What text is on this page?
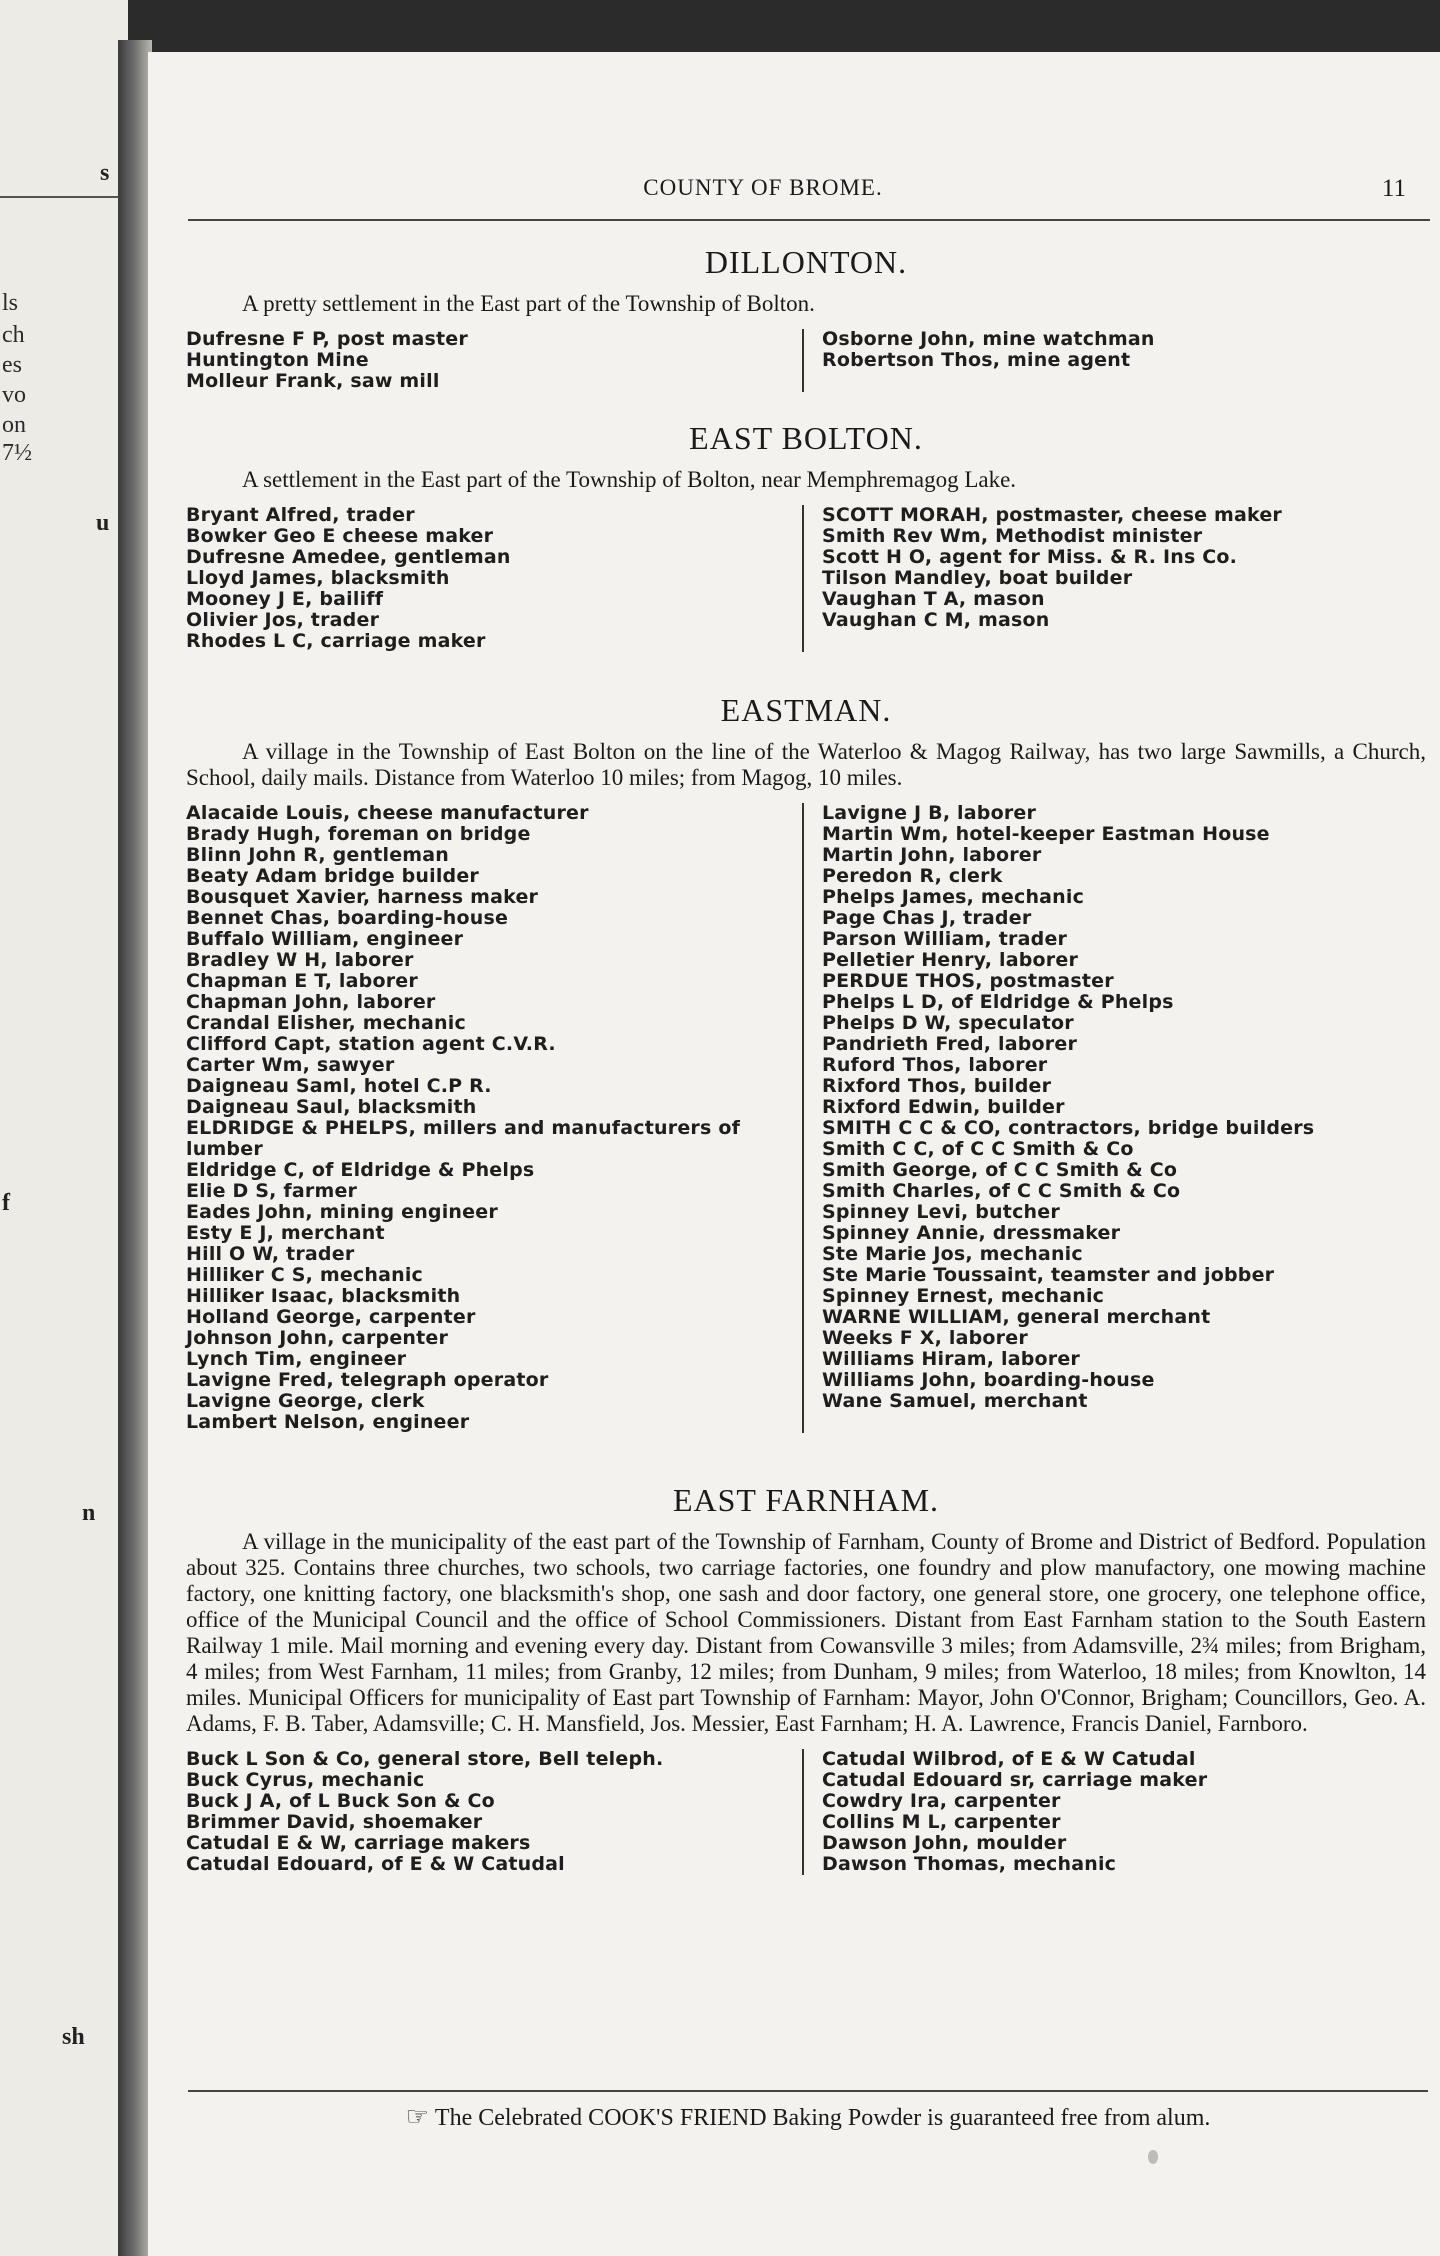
ls
ch
es
vo
on
7½
s
u
f
n
sh
COUNTY OF BROME.	11
DILLONTON.

A pretty settlement in the East part of the Township of Bolton.

Dufresne F P, post master
Huntington Mine
Molleur Frank, saw mill
Osborne John, mine watchman
Robertson Thos, mine agent
EAST BOLTON.

A settlement in the East part of the Township of Bolton, near Memphremagog Lake.

Bryant Alfred, trader
Bowker Geo E cheese maker
Dufresne Amedee, gentleman
Lloyd James, blacksmith
Mooney J E, bailiff
Olivier Jos, trader
Rhodes L C, carriage maker
SCOTT MORAH, postmaster, cheese maker
Smith Rev Wm, Methodist minister
Scott H O, agent for Miss. & R. Ins Co.
Tilson Mandley, boat builder
Vaughan T A, mason
Vaughan C M, mason
EASTMAN.

A village in the Township of East Bolton on the line of the Waterloo & Magog Railway, has two large Sawmills, a Church, School, daily mails. Distance from Waterloo 10 miles; from Magog, 10 miles.

Alacaide Louis, cheese manufacturer
Brady Hugh, foreman on bridge
Blinn John R, gentleman
Beaty Adam bridge builder
Bousquet Xavier, harness maker
Bennet Chas, boarding-house
Buffalo William, engineer
Bradley W H, laborer
Chapman E T, laborer
Chapman John, laborer
Crandal Elisher, mechanic
Clifford Capt, station agent C.V.R.
Carter Wm, sawyer
Daigneau Saml, hotel C.P R.
Daigneau Saul, blacksmith
ELDRIDGE & PHELPS, millers and manufacturers of lumber
Eldridge C, of Eldridge & Phelps
Elie D S, farmer
Eades John, mining engineer
Esty E J, merchant
Hill O W, trader
Hilliker C S, mechanic
Hilliker Isaac, blacksmith
Holland George, carpenter
Johnson John, carpenter
Lynch Tim, engineer
Lavigne Fred, telegraph operator
Lavigne George, clerk
Lambert Nelson, engineer
Lavigne J B, laborer
Martin Wm, hotel-keeper Eastman House
Martin John, laborer
Peredon R, clerk
Phelps James, mechanic
Page Chas J, trader
Parson William, trader
Pelletier Henry, laborer
PERDUE THOS, postmaster
Phelps L D, of Eldridge & Phelps
Phelps D W, speculator
Pandrieth Fred, laborer
Ruford Thos, laborer
Rixford Thos, builder
Rixford Edwin, builder
SMITH C C & CO, contractors, bridge builders
Smith C C, of C C Smith & Co
Smith George, of C C Smith & Co
Smith Charles, of C C Smith & Co
Spinney Levi, butcher
Spinney Annie, dressmaker
Ste Marie Jos, mechanic
Ste Marie Toussaint, teamster and jobber
Spinney Ernest, mechanic
WARNE WILLIAM, general merchant
Weeks F X, laborer
Williams Hiram, laborer
Williams John, boarding-house
Wane Samuel, merchant
EAST FARNHAM.

A village in the municipality of the east part of the Township of Farnham, County of Brome and District of Bedford. Population about 325. Contains three churches, two schools, two carriage factories, one foundry and plow manufactory, one mowing machine factory, one knitting factory, one blacksmith's shop, one sash and door factory, one general store, one grocery, one telephone office, office of the Municipal Council and the office of School Commissioners. Distant from East Farnham station to the South Eastern Railway 1 mile. Mail morning and evening every day. Distant from Cowansville 3 miles; from Adamsville, 2¾ miles; from Brigham, 4 miles; from West Farnham, 11 miles; from Granby, 12 miles; from Dunham, 9 miles; from Waterloo, 18 miles; from Knowlton, 14 miles. Municipal Officers for municipality of East part Township of Farnham: Mayor, John O'Connor, Brigham; Councillors, Geo. A. Adams, F. B. Taber, Adamsville; C. H. Mansfield, Jos. Messier, East Farnham; H. A. Lawrence, Francis Daniel, Farnboro.

Buck L Son & Co, general store, Bell teleph.
Buck Cyrus, mechanic
Buck J A, of L Buck Son & Co
Brimmer David, shoemaker
Catudal E & W, carriage makers
Catudal Edouard, of E & W Catudal
Catudal Wilbrod, of E & W Catudal
Catudal Edouard sr, carriage maker
Cowdry Ira, carpenter
Collins M L, carpenter
Dawson John, moulder
Dawson Thomas, mechanic
☞ The Celebrated COOK'S FRIEND Baking Powder is guaranteed free from alum.
